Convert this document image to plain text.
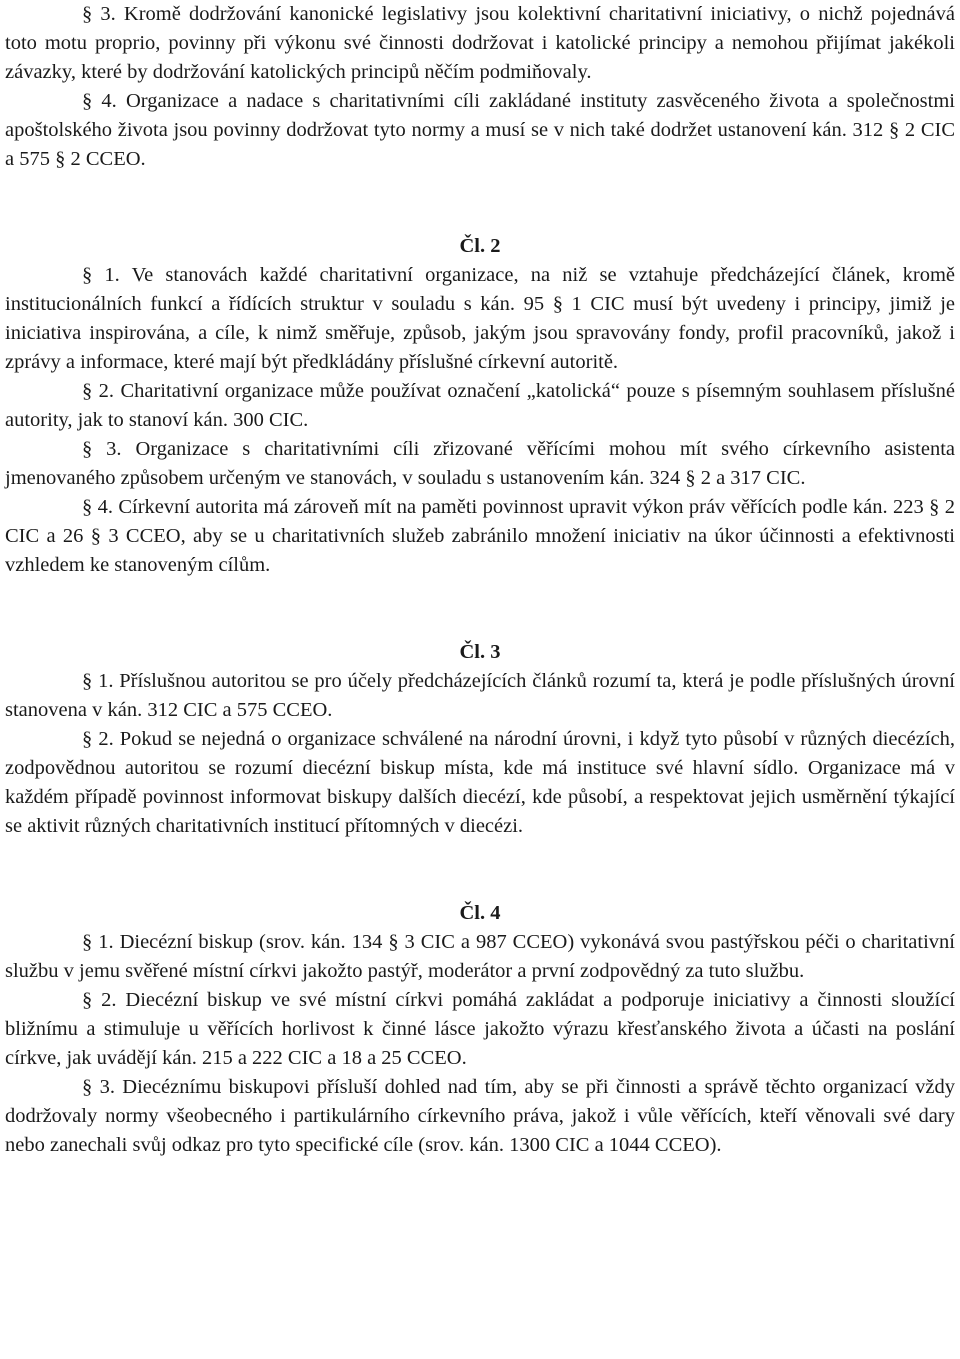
§ 3. Kromě dodržování kanonické legislativy jsou kolektivní charitativní iniciativy, o nichž pojednává toto motu proprio, povinny při výkonu své činnosti dodržovat i katolické principy a nemohou přijímat jakékoli závazky, které by dodržování katolických principů něčím podmiňovaly.

§ 4. Organizace a nadace s charitativními cíli zakládané instituty zasvěceného života a společnostmi apoštolského života jsou povinny dodržovat tyto normy a musí se v nich také dodržet ustanovení kán. 312 § 2 CIC a 575 § 2 CCEO.

Čl. 2

§ 1. Ve stanovách každé charitativní organizace, na niž se vztahuje předcházející článek, kromě institucionálních funkcí a řídících struktur v souladu s kán. 95 § 1 CIC musí být uvedeny i principy, jimiž je iniciativa inspirována, a cíle, k nimž směřuje, způsob, jakým jsou spravovány fondy, profil pracovníků, jakož i zprávy a informace, které mají být předkládány příslušné církevní autoritě.

§ 2. Charitativní organizace může používat označení „katolická“ pouze s písemným souhlasem příslušné autority, jak to stanoví kán. 300 CIC.

§ 3. Organizace s charitativními cíli zřizované věřícími mohou mít svého církevního asistenta jmenovaného způsobem určeným ve stanovách, v souladu s ustanovením kán. 324 § 2 a 317 CIC.

§ 4. Církevní autorita má zároveň mít na paměti povinnost upravit výkon práv věřících podle kán. 223 § 2 CIC a 26 § 3 CCEO, aby se u charitativních služeb zabránilo množení iniciativ na úkor účinnosti a efektivnosti vzhledem ke stanoveným cílům.

Čl. 3

§ 1. Příslušnou autoritou se pro účely předcházejících článků rozumí ta, která je podle příslušných úrovní stanovena v kán. 312 CIC a 575 CCEO.

§ 2. Pokud se nejedná o organizace schválené na národní úrovni, i když tyto působí v různých diecézích, zodpovědnou autoritou se rozumí diecézní biskup místa, kde má instituce své hlavní sídlo. Organizace má v každém případě povinnost informovat biskupy dalších diecézí, kde působí, a respektovat jejich usměrnění týkající se aktivit různých charitativních institucí přítomných v diecézi.

Čl. 4

§ 1. Diecézní biskup (srov. kán. 134 § 3 CIC a 987 CCEO) vykonává svou pastýřskou péči o charitativní službu v jemu svěřené místní církvi jakožto pastýř, moderátor a první zodpovědný za tuto službu.

§ 2. Diecézní biskup ve své místní církvi pomáhá zakládat a podporuje iniciativy a činnosti sloužící bližnímu a stimuluje u věřících horlivost k činné lásce jakožto výrazu křesťanského života a účasti na poslání církve, jak uvádějí kán. 215 a 222 CIC a 18 a 25 CCEO.

§ 3. Diecéznímu biskupovi přísluší dohled nad tím, aby se při činnosti a správě těchto organizací vždy dodržovaly normy všeobecného i partikulárního církevního práva, jakož i vůle věřících, kteří věnovali své dary nebo zanechali svůj odkaz pro tyto specifické cíle (srov. kán. 1300 CIC a 1044 CCEO).
